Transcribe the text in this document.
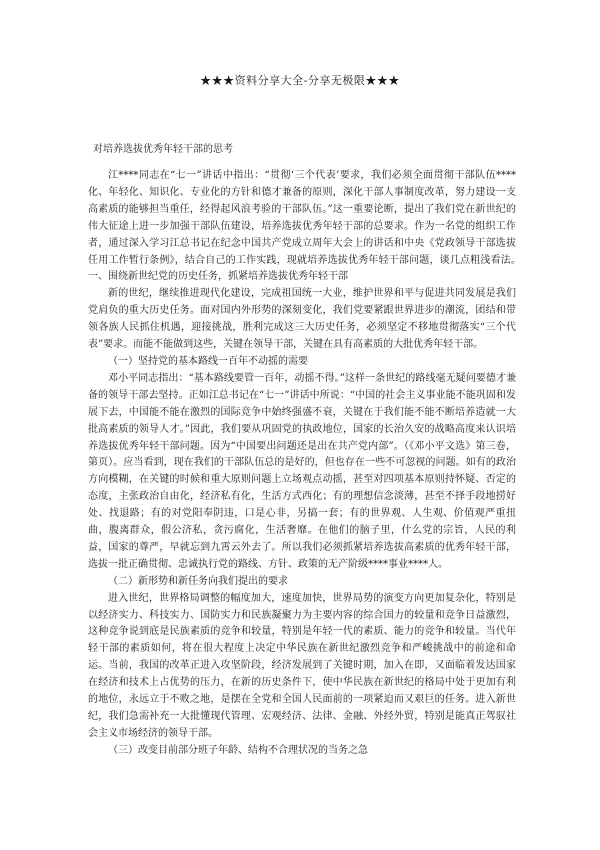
★★★资料分享大全-分享无极限★★★
对培养选拔优秀年轻干部的思考

江****同志在“七一”讲话中指出：“贯彻‘三个代表’要求，我们必须全面贯彻干部队伍****化、年轻化、知识化、专业化的方针和德才兼备的原则，深化干部人事制度改革，努力建设一支高素质的能够担当重任，经得起风浪考验的干部队伍。”这一重要论断，提出了我们党在新世纪的伟大征途上进一步加强干部队伍建设，培养选拔优秀年轻干部的总要求。作为一名党的组织工作者，通过深入学习江总书记在纪念中国共产党成立周年大会上的讲话和中央《党政领导干部选拔任用工作暂行条例》，结合自己的工作实践，现就培养选拔优秀年轻干部问题，谈几点粗浅看法。　　一、围绕新世纪党的历史任务，抓紧培养选拔优秀年轻干部

新的世纪，继续推进现代化建设，完成祖国统一大业，维护世界和平与促进共同发展是我们党肩负的重大历史任务。面对国内外形势的深刻变化，我们党要紧跟世界进步的潮流，团结和带领各族人民抓住机遇，迎接挑战，胜利完成这三大历史任务，必须坚定不移地贯彻落实“三个代表”要求。而能不能做到这些，关键在领导干部，关键在具有高素质的大批优秀年轻干部。

（一）坚持党的基本路线一百年不动摇的需要

邓小平同志指出：“基本路线要管一百年，动摇不得。”这样一条世纪的路线毫无疑问要德才兼备的领导干部去坚持。正如江总书记在“七一”讲话中所说：“中国的社会主义事业能不能巩固和发展下去，中国能不能在激烈的国际竞争中始终强盛不衰，关键在于我们能不能不断培养造就一大批高素质的领导人才。”因此，我们要从巩固党的执政地位，国家的长治久安的战略高度来认识培养选拔优秀年轻干部问题。因为“中国要出问题还是出在共产党内部”。（《邓小平文选》第三卷，第页）。应当看到，现在我们的干部队伍总的是好的，但也存在一些不可忽视的问题。如有的政治方向模糊，在关键的时候和重大原则问题上立场观点动摇，甚至对四项基本原则持怀疑、否定的态度，主张政治自由化，经济私有化，生活方式西化；有的理想信念淡薄，甚至不择手段地捞好处、找退路；有的对党阳奉阴违，口是心非，另搞一套；有的世界观、人生观、价值观严重扭曲，腹离群众，假公济私，贪污腐化，生活奢靡。在他们的脑子里，什么党的宗旨，人民的利益，国家的尊严，早就忘到九霄云外去了。所以我们必须抓紧培养选拔高素质的优秀年轻干部，选拔一批正确贯彻、忠诚执行党的路线、方针、政策的无产阶级****事业****人。

（二）新形势和新任务向我们提出的要求

进入世纪，世界格局调整的幅度加大，速度加快，世界局势的演变方向更加复杂化，特别是以经济实力、科技实力、国防实力和民族凝聚力为主要内容的综合国力的较量和竞争日益激烈，这种竞争说到底是民族素质的竞争和较量，特别是年轻一代的素质、能力的竞争和较量。当代年轻干部的素质如何，将在很大程度上决定中华民族在新世纪激烈竞争和严峻挑战中的前途和命运。当前，我国的改革正进入攻坚阶段，经济发展到了关键时期，加入在即，又面临着发达国家在经济和技术上占优势的压力，在新的历史条件下，使中华民族在新世纪的格局中处于更加有利的地位，永远立于不败之地，是摆在全党和全国人民面前的一项紧迫而又艰巨的任务。进入新世纪，我们急需补充一大批懂现代管理、宏观经济、法律、金融、外经外贸，特别是能真正驾驭社会主义市场经济的领导干部。

（三）改变目前部分班子年龄、结构不合理状况的当务之急
